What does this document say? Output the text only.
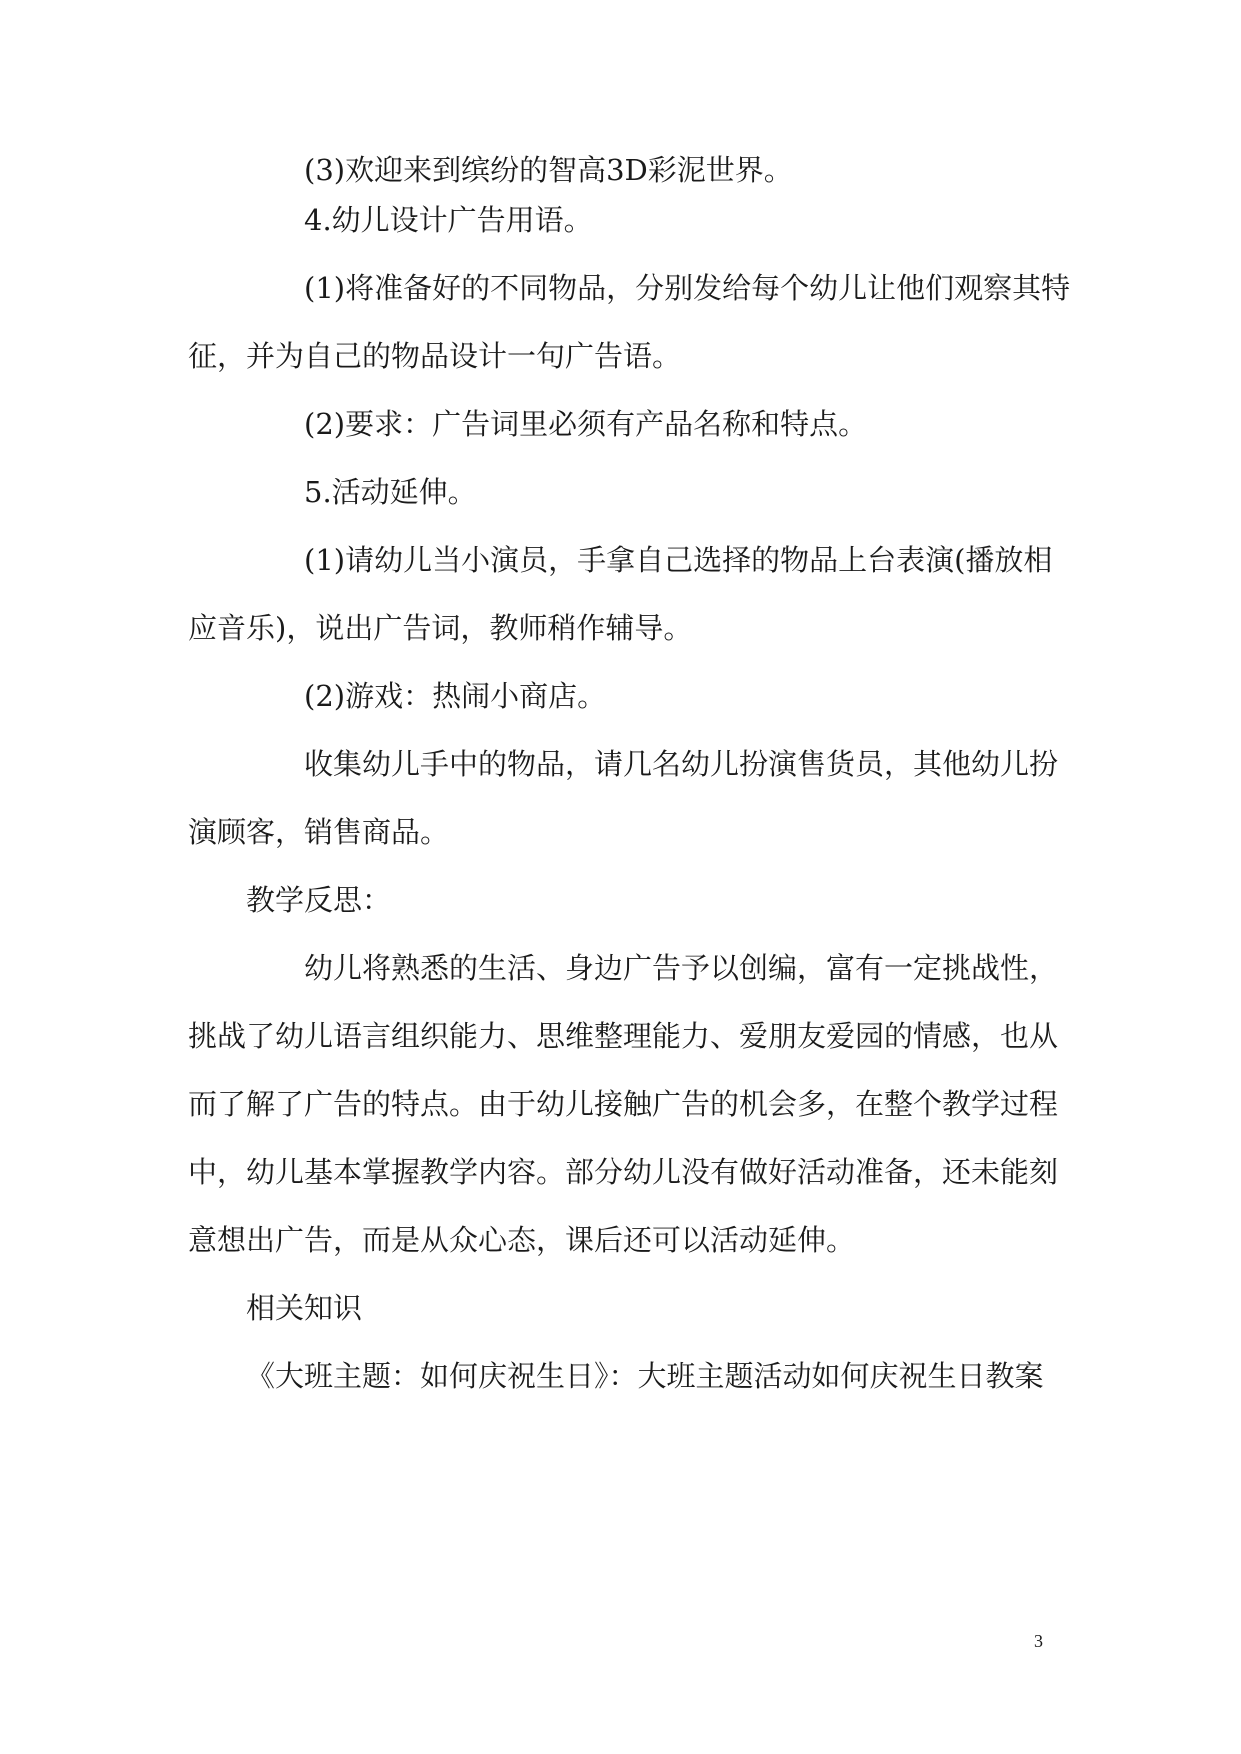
(3)欢迎来到缤纷的智高3D彩泥世界。
4.幼儿设计广告用语。
(1)将准备好的不同物品，分别发给每个幼儿让他们观察其特
征，并为自己的物品设计一句广告语。
(2)要求：广告词里必须有产品名称和特点。
5.活动延伸。
(1)请幼儿当小演员，手拿自己选择的物品上台表演(播放相
应音乐)，说出广告词，教师稍作辅导。
(2)游戏：热闹小商店。
收集幼儿手中的物品，请几名幼儿扮演售货员，其他幼儿扮
演顾客，销售商品。
教学反思：
幼儿将熟悉的生活、身边广告予以创编，富有一定挑战性，
挑战了幼儿语言组织能力、思维整理能力、爱朋友爱园的情感，也从
而了解了广告的特点。由于幼儿接触广告的机会多，在整个教学过程
中，幼儿基本掌握教学内容。部分幼儿没有做好活动准备，还未能刻
意想出广告，而是从众心态，课后还可以活动延伸。
相关知识
《大班主题：如何庆祝生日》：大班主题活动如何庆祝生日教案
3
